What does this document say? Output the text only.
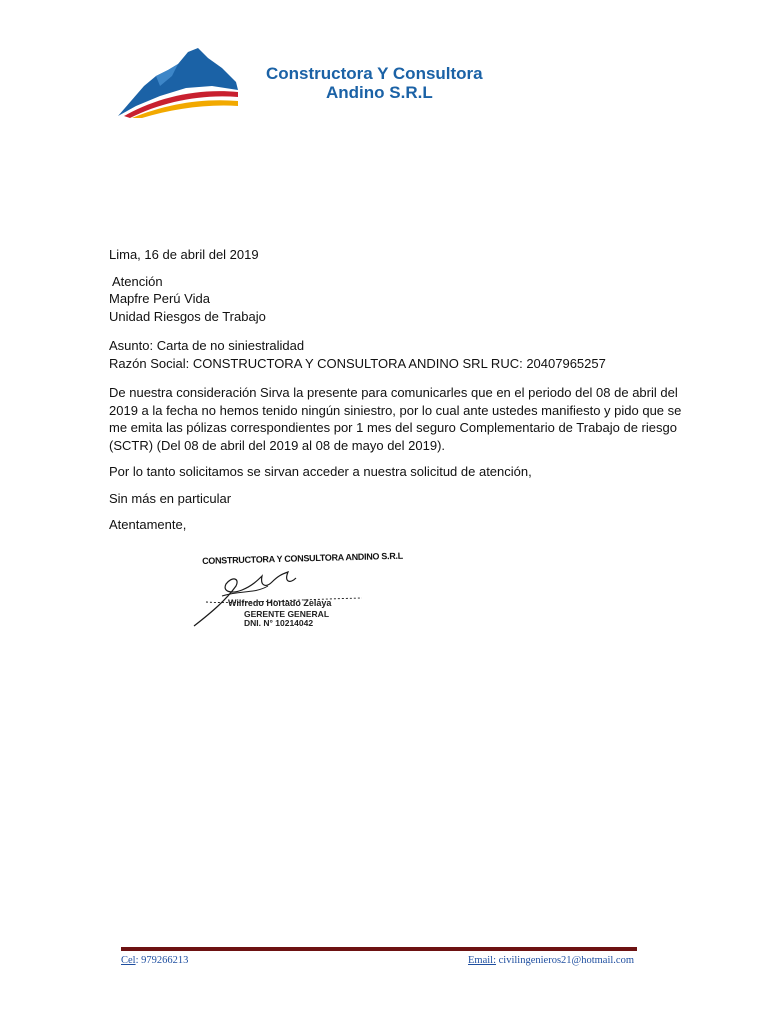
Constructora Y Consultora
Andino S.R.L

Lima, 16 de abril del 2019

Atención

Mapfre Perú Vida

Unidad Riesgos de Trabajo

Asunto: Carta de no siniestralidad

Razón Social: CONSTRUCTORA Y CONSULTORA ANDINO SRL RUC: 20407965257

De nuestra consideración Sirva la presente para comunicarles que en el periodo del 08 de abril del 2019 a la fecha no hemos tenido ningún siniestro, por lo cual ante ustedes manifiesto y pido que se me emita las pólizas correspondientes por 1 mes del seguro Complementario de Trabajo de riesgo (SCTR) (Del 08 de abril del 2019 al 08 de mayo del 2019).

Por lo tanto solicitamos se sirvan acceder a nuestra solicitud de atención,

Sin más en particular

Atentamente,

CONSTRUCTORA Y CONSULTORA ANDINO S.R.L
Wilfredo Hortado Zelaya
GERENTE GENERAL
DNI. N° 10214042
Cel: 979266213	Email: civilingenieros21@hotmail.com
